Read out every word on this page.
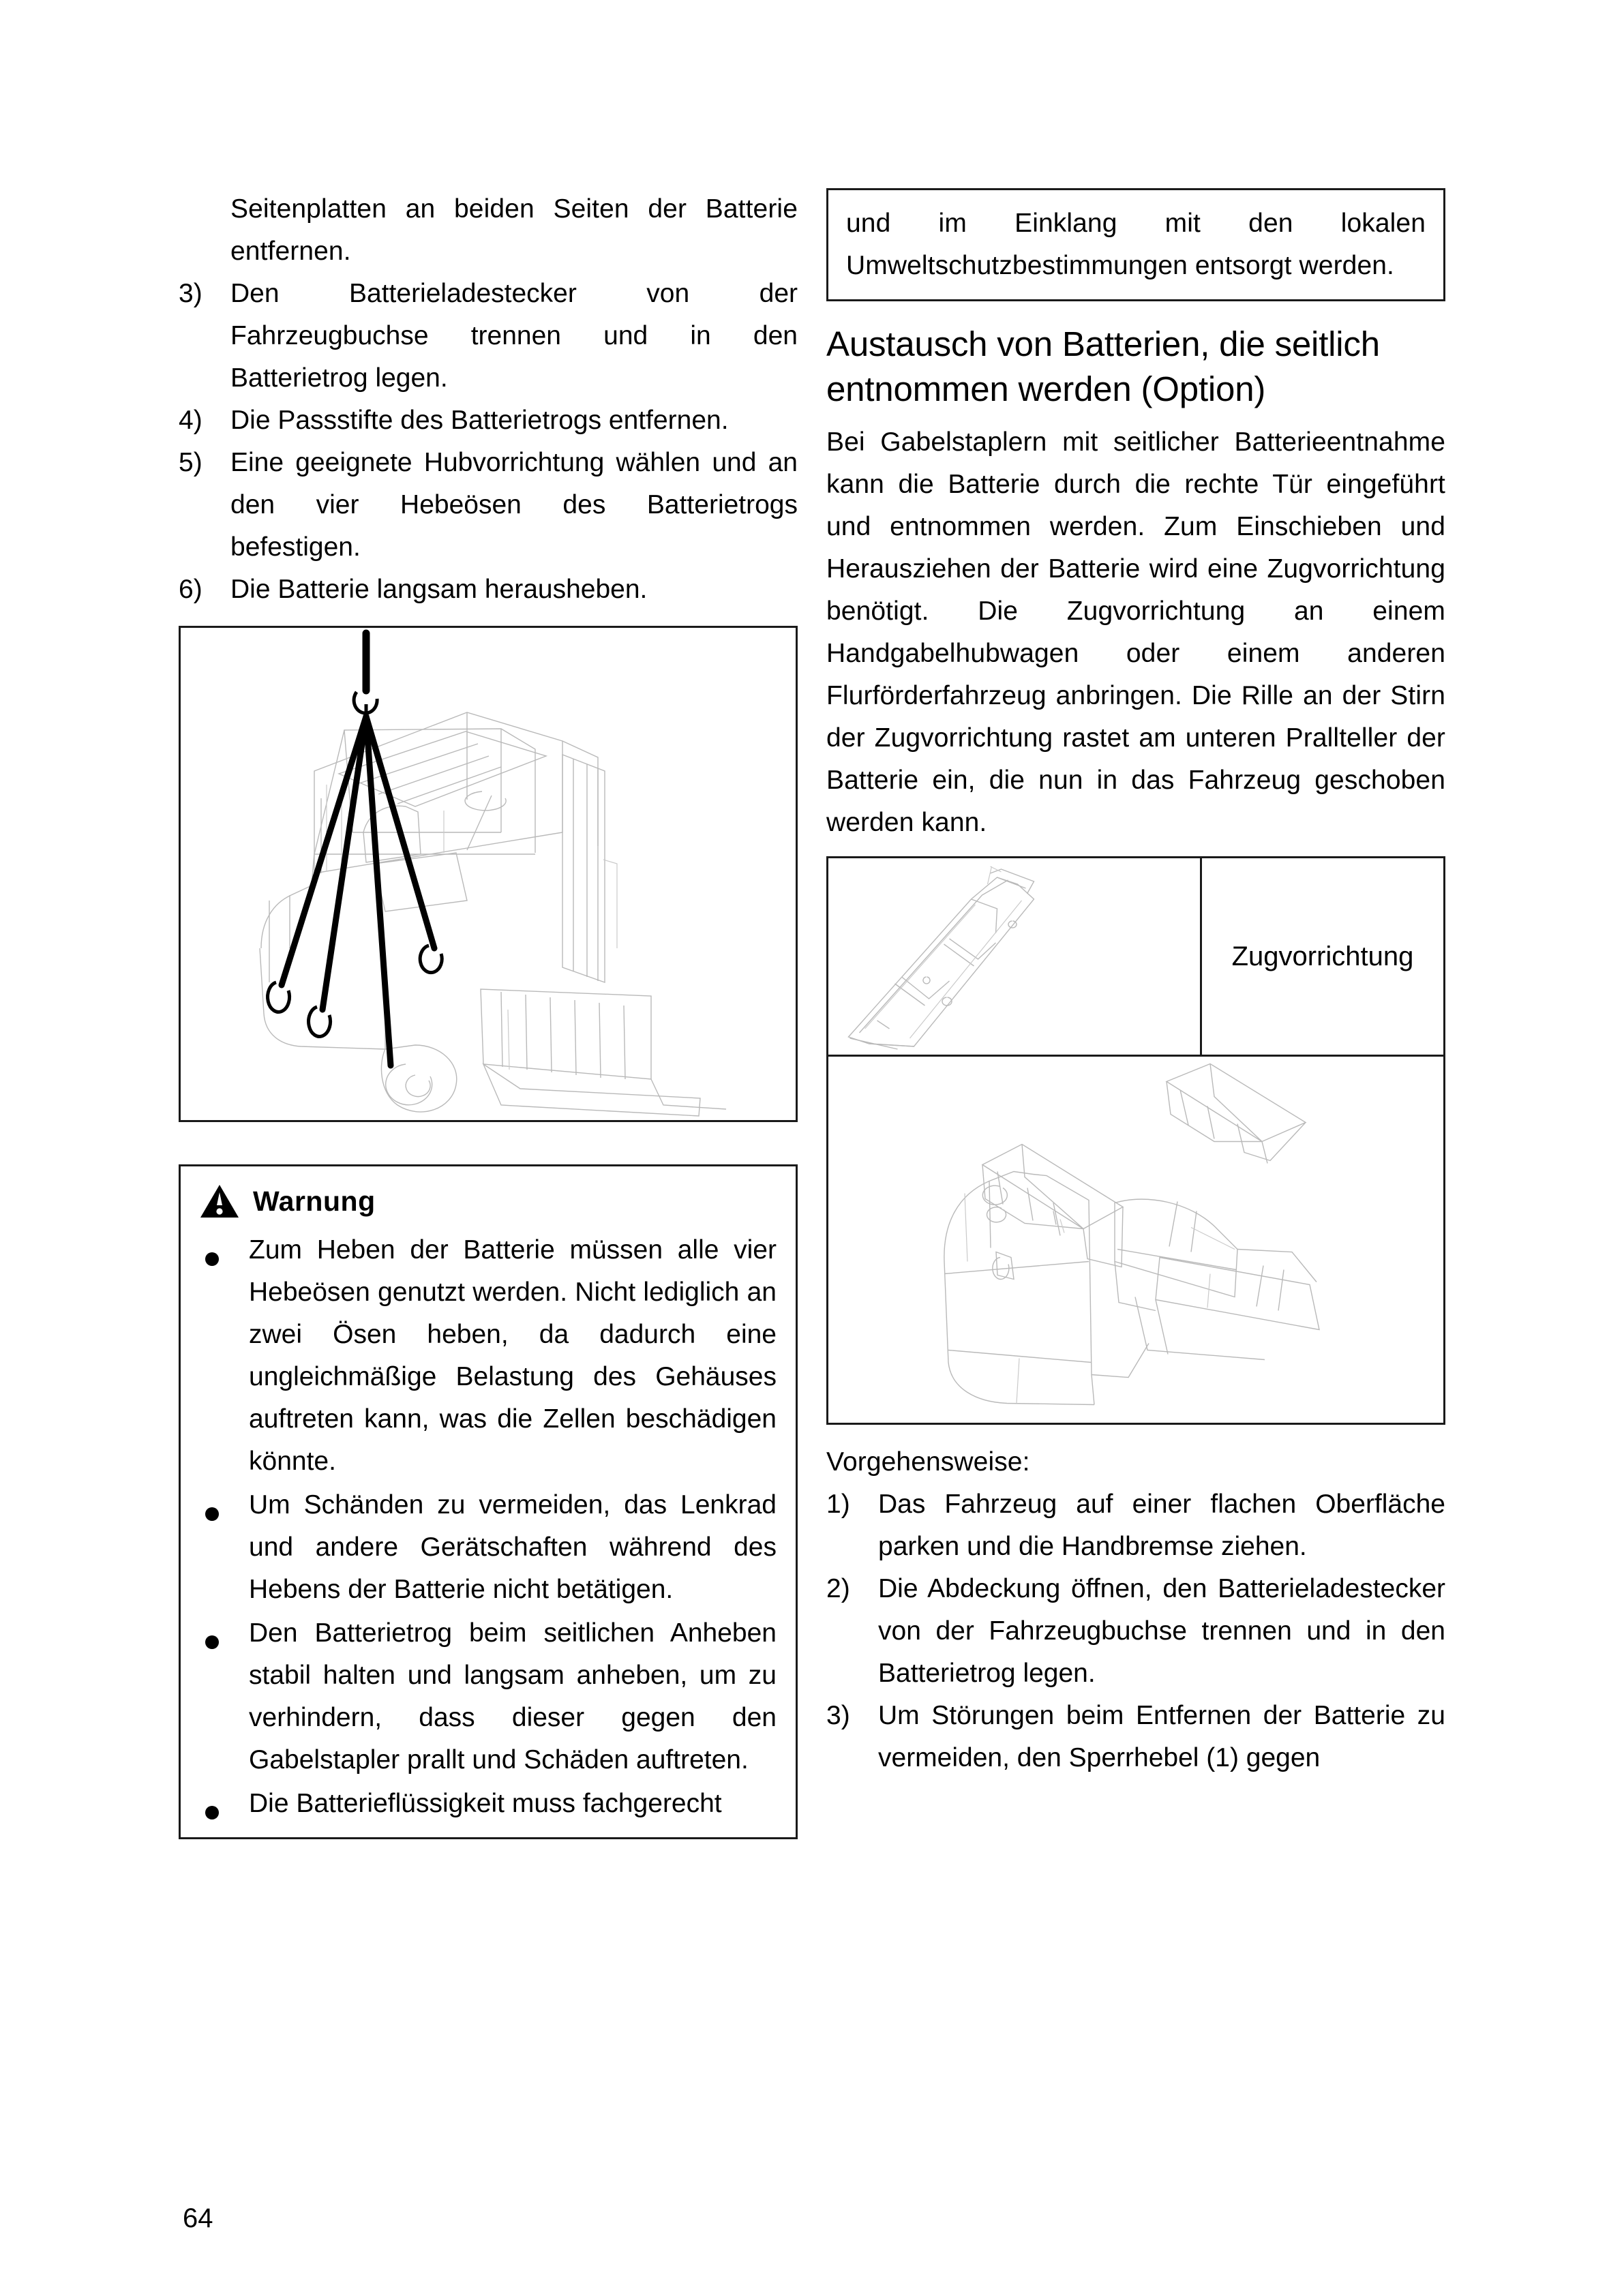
Seitenplatten an beiden Seiten der Batterie entfernen.

3)	Den Batterieladestecker von der Fahrzeugbuchse trennen und in den Batterietrog legen.
4)	Die Passstifte des Batterietrogs entfernen.
5)	Eine geeignete Hubvorrichtung wählen und an den vier Hebeösen des Batterietrogs befestigen.
6)	Die Batterie langsam herausheben.
Warnung
Zum Heben der Batterie müssen alle vier Hebeösen genutzt werden. Nicht lediglich an zwei Ösen heben, da dadurch eine ungleichmäßige Belastung des Gehäuses auftreten kann, was die Zellen beschädigen könnte.
Um Schänden zu vermeiden, das Lenkrad und andere Gerätschaften während des Hebens der Batterie nicht betätigen.
Den Batterietrog beim seitlichen Anheben stabil halten und langsam anheben, um zu verhindern, dass dieser gegen den Gabelstapler prallt und Schäden auftreten.
Die Batterieflüssigkeit muss fachgerecht

und im Einklang mit den lokalen Umweltschutzbestimmungen entsorgt werden.

Austausch von Batterien, die seitlich entnommen werden (Option)

Bei Gabelstaplern mit seitlicher Batterieentnahme kann die Batterie durch die rechte Tür eingeführt und entnommen werden. Zum Einschieben und Herausziehen der Batterie wird eine Zugvorrichtung benötigt. Die Zugvorrichtung an einem Handgabelhubwagen oder einem anderen Flurförderfahrzeug anbringen. Die Rille an der Stirn der Zugvorrichtung rastet am unteren Prallteller der Batterie ein, die nun in das Fahrzeug geschoben werden kann.

Zugvorrichtung

Vorgehensweise:

1)	Das Fahrzeug auf einer flachen Oberfläche parken und die Handbremse ziehen.
2)	Die Abdeckung öffnen, den Batterieladestecker von der Fahrzeugbuchse trennen und in den Batterietrog legen.
3)	Um Störungen beim Entfernen der Batterie zu vermeiden, den Sperrhebel (1) gegen
64
